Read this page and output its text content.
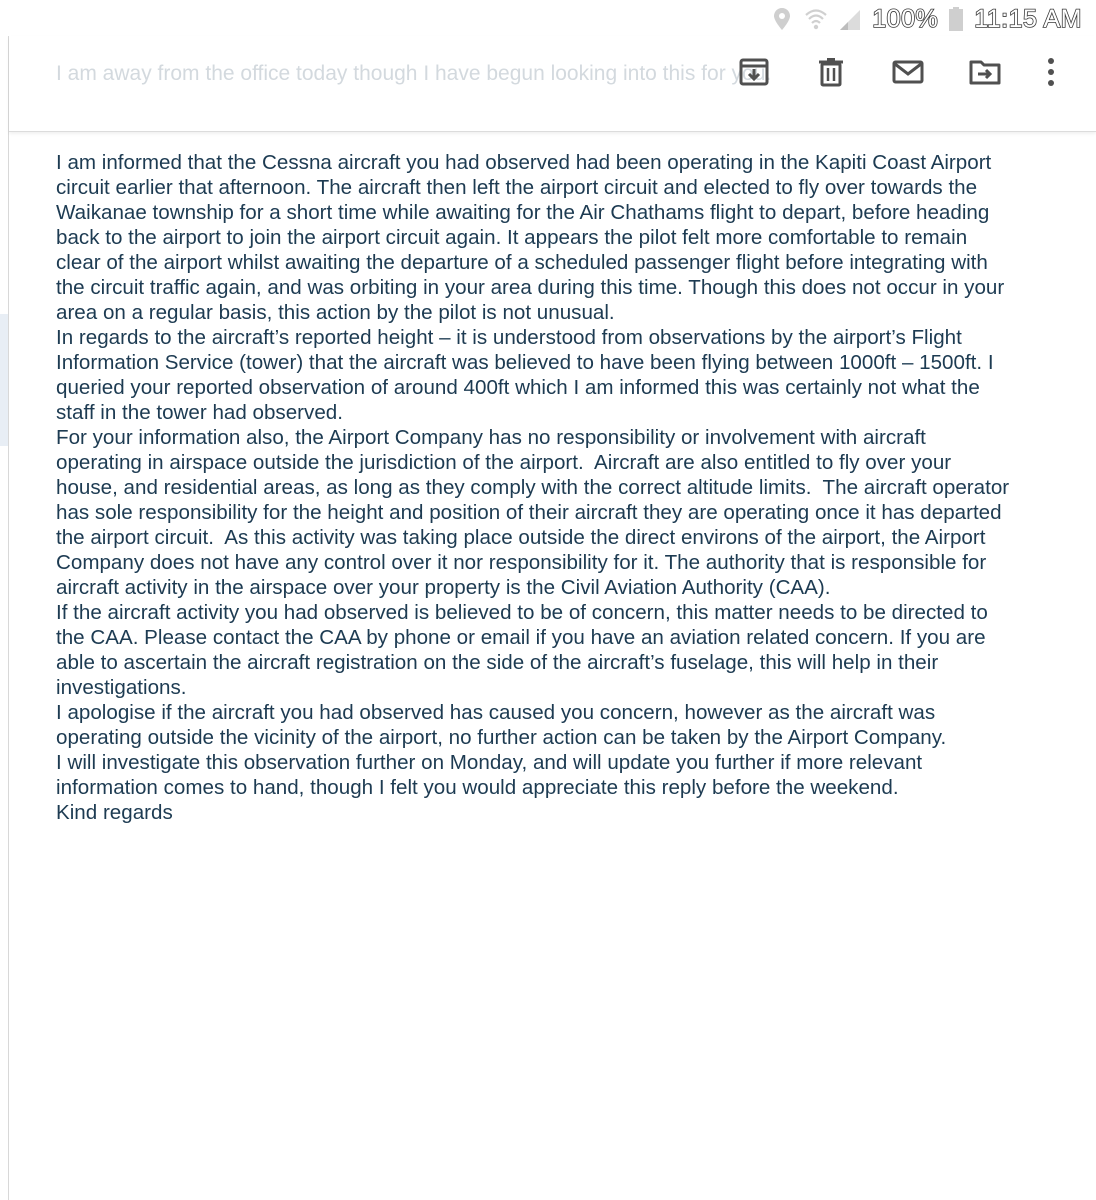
100% 11:15 AM
I am away from the office today though I have begun looking into this for you.

I am informed that the Cessna aircraft you had observed had been operating in the Kapiti Coast Airport
circuit earlier that afternoon. The aircraft then left the airport circuit and elected to fly over towards the
Waikanae township for a short time while awaiting for the Air Chathams flight to depart, before heading
back to the airport to join the airport circuit again. It appears the pilot felt more comfortable to remain
clear of the airport whilst awaiting the departure of a scheduled passenger flight before integrating with
the circuit traffic again, and was orbiting in your area during this time. Though this does not occur in your
area on a regular basis, this action by the pilot is not unusual.

In regards to the aircraft’s reported height – it is understood from observations by the airport’s Flight
Information Service (tower) that the aircraft was believed to have been flying between 1000ft – 1500ft. I
queried your reported observation of around 400ft which I am informed this was certainly not what the
staff in the tower had observed.

For your information also, the Airport Company has no responsibility or involvement with aircraft
operating in airspace outside the jurisdiction of the airport.  Aircraft are also entitled to fly over your
house, and residential areas, as long as they comply with the correct altitude limits.  The aircraft operator
has sole responsibility for the height and position of their aircraft they are operating once it has departed
the airport circuit.  As this activity was taking place outside the direct environs of the airport, the Airport
Company does not have any control over it nor responsibility for it. The authority that is responsible for
aircraft activity in the airspace over your property is the Civil Aviation Authority (CAA).

If the aircraft activity you had observed is believed to be of concern, this matter needs to be directed to
the CAA. Please contact the CAA by phone or email if you have an aviation related concern. If you are
able to ascertain the aircraft registration on the side of the aircraft’s fuselage, this will help in their
investigations.

I apologise if the aircraft you had observed has caused you concern, however as the aircraft was
operating outside the vicinity of the airport, no further action can be taken by the Airport Company.

I will investigate this observation further on Monday, and will update you further if more relevant
information comes to hand, though I felt you would appreciate this reply before the weekend.

Kind regards
